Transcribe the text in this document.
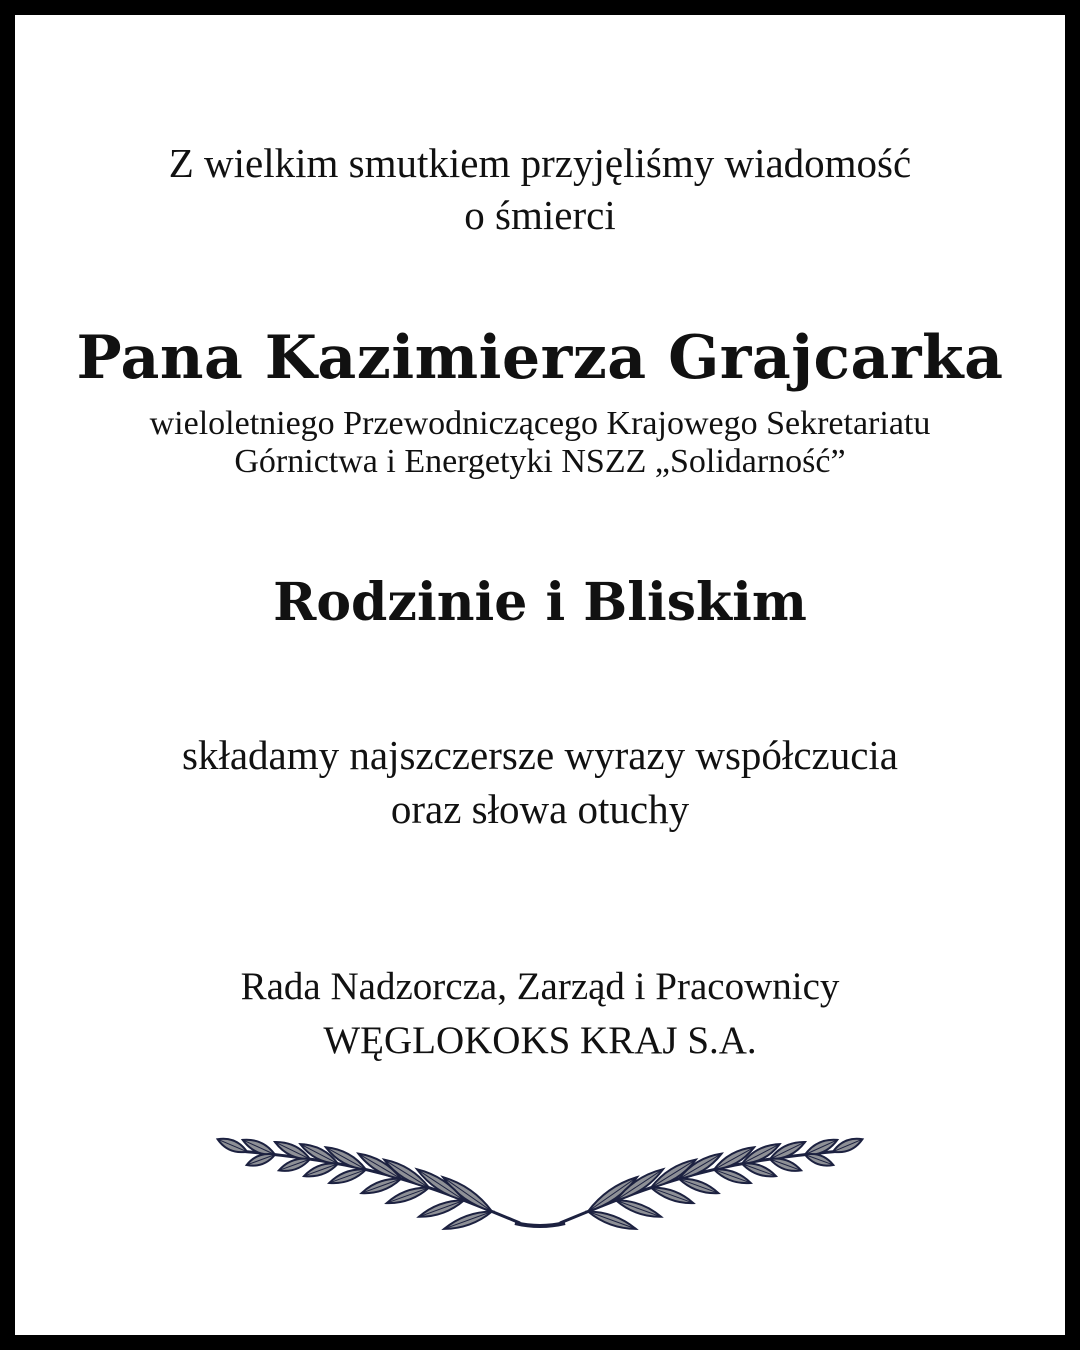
Z wielkim smutkiem przyjęliśmy wiadomość
o śmierci
Pana Kazimierza Grajcarka
wieloletniego Przewodniczącego Krajowego Sekretariatu
Górnictwa i Energetyki NSZZ „Solidarność”
Rodzinie i Bliskim
składamy najszczersze wyrazy współczucia
oraz słowa otuchy
Rada Nadzorcza, Zarząd i Pracownicy
WĘGLOKOKS KRAJ S.A.
